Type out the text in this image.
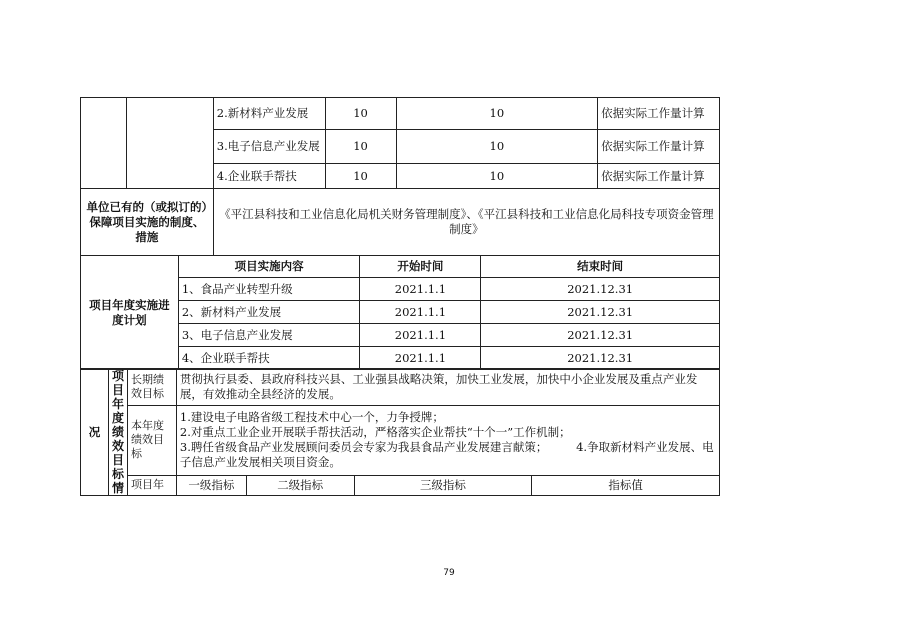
		2.新材料产业发展	10	10	依据实际工作量计算
		3.电子信息产业发展	10	10	依据实际工作量计算
		4.企业联手帮扶	10	10	依据实际工作量计算
单位已有的（或拟订的）保障项目实施的制度、措施	《平江县科技和工业信息化局机关财务管理制度》、《平江县科技和工业信息化局科技专项资金管理制度》
项目年度实施进度计划	项目实施内容	开始时间	结束时间
	1、食品产业转型升级	2021.1.1	2021.12.31
	2、新材料产业发展	2021.1.1	2021.12.31
	3、电子信息产业发展	2021.1.1	2021.12.31
	4、企业联手帮扶	2021.1.1	2021.12.31
况	项目年度绩效目标情	长期绩效目标	贯彻执行县委、县政府科技兴县、工业强县战略决策，加快工业发展，加快中小企业发展及重点产业发展，有效推动全县经济的发展。			
		本年度绩效目标	1.建设电子电路省级工程技术中心一个，力争授牌；
2.对重点工业企业开展联手帮扶活动，严格落实企业帮扶“十个一”工作机制；
3.聘任省级食品产业发展顾问委员会专家为我县食品产业发展建言献策；　　　4.争取新材料产业发展、电子信息产业发展相关项目资金。			

		项目年	一级指标	二级指标	三级指标	指标值
79
